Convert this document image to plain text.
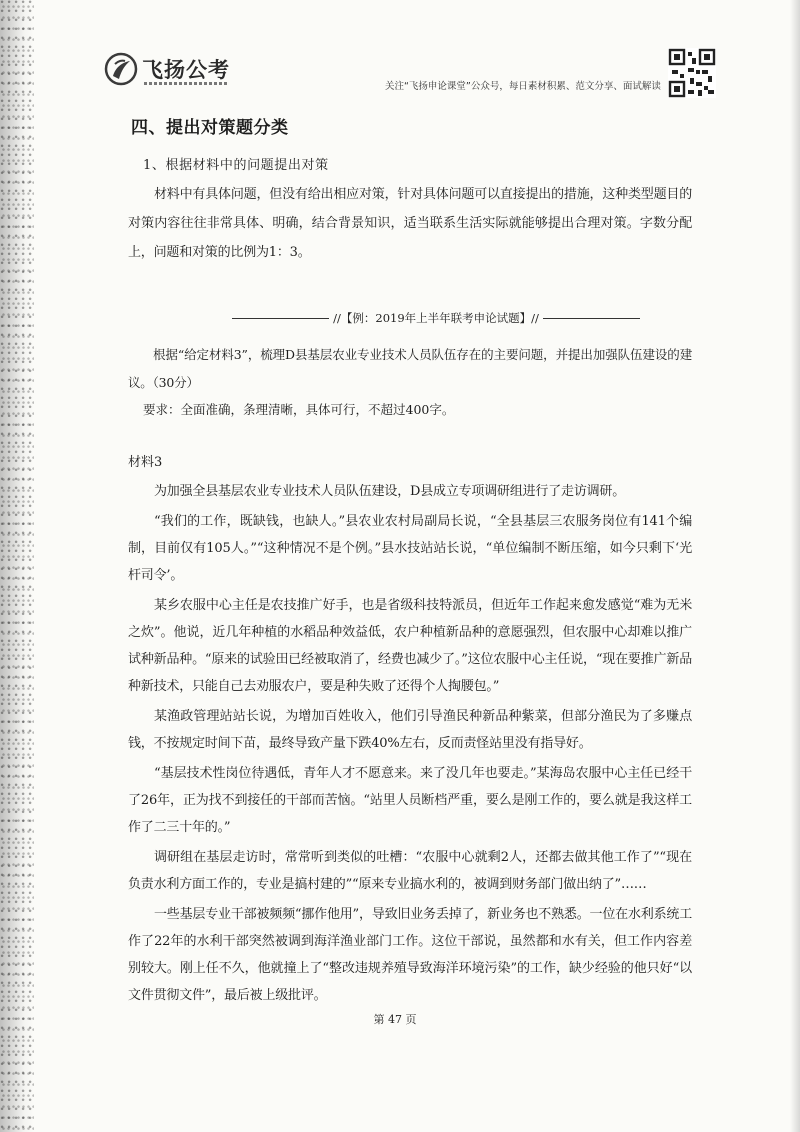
飞扬公考
关注“飞扬申论课堂”公众号，每日素材积累、范文分享、面试解读
四、提出对策题分类
1、根据材料中的问题提出对策

材料中有具体问题，但没有给出相应对策，针对具体问题可以直接提出的措施，这种类型题目的对策内容往往非常具体、明确，结合背景知识，适当联系生活实际就能够提出合理对策。字数分配上，问题和对策的比例为1：3。

//【例：2019年上半年联考申论试题】//

根据“给定材料3”，梳理D县基层农业专业技术人员队伍存在的主要问题，并提出加强队伍建设的建议。（30分）

要求：全面准确，条理清晰，具体可行，不超过400字。
材料3

为加强全县基层农业专业技术人员队伍建设，D县成立专项调研组进行了走访调研。

“我们的工作，既缺钱，也缺人。”县农业农村局副局长说，“全县基层三农服务岗位有141个编制，目前仅有105人。”“这种情况不是个例。”县水技站站长说，“单位编制不断压缩，如今只剩下‘光杆司令’。

某乡农服中心主任是农技推广好手，也是省级科技特派员，但近年工作起来愈发感觉“难为无米之炊”。他说，近几年种植的水稻品种效益低，农户种植新品种的意愿强烈，但农服中心却难以推广试种新品种。“原来的试验田已经被取消了，经费也减少了。”这位农服中心主任说，“现在要推广新品种新技术，只能自己去劝服农户，要是种失败了还得个人掏腰包。”

某渔政管理站站长说，为增加百姓收入，他们引导渔民种新品种紫菜，但部分渔民为了多赚点钱，不按规定时间下苗，最终导致产量下跌40%左右，反而责怪站里没有指导好。

“基层技术性岗位待遇低，青年人才不愿意来。来了没几年也要走。”某海岛农服中心主任已经干了26年，正为找不到接任的干部而苦恼。“站里人员断档严重，要么是刚工作的，要么就是我这样工作了二三十年的。”

调研组在基层走访时，常常听到类似的吐槽：“农服中心就剩2人，还都去做其他工作了”“现在负责水利方面工作的，专业是搞村建的”“原来专业搞水利的，被调到财务部门做出纳了”……

一些基层专业干部被频频“挪作他用”，导致旧业务丢掉了，新业务也不熟悉。一位在水利系统工作了22年的水利干部突然被调到海洋渔业部门工作。这位干部说，虽然都和水有关，但工作内容差别较大。刚上任不久，他就撞上了“整改违规养殖导致海洋环境污染”的工作，缺少经验的他只好“以文件贯彻文件”，最后被上级批评。

第 47 页
